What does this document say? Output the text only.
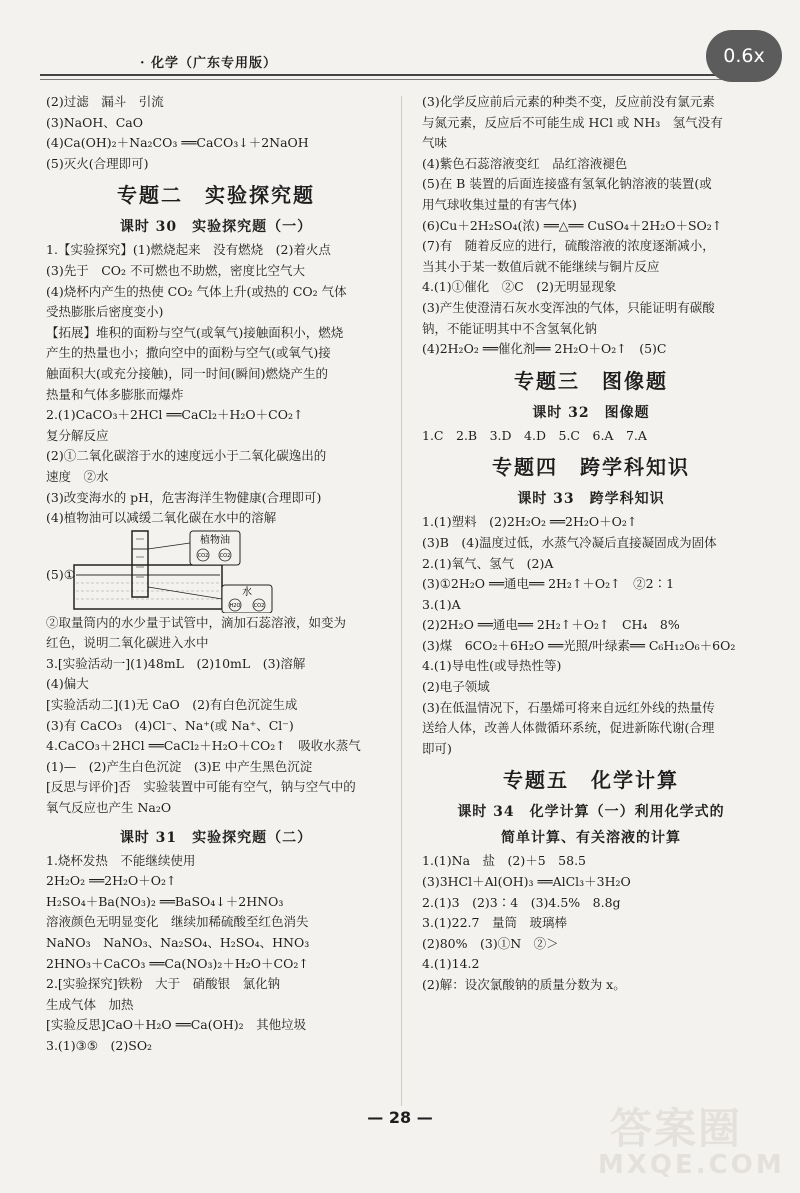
· 化学（广东专用版）	0.6x
(2)过滤　漏斗　引流
(3)NaOH、CaO
(4)Ca(OH)₂＋Na₂CO₃ ══CaCO₃↓＋2NaOH
(5)灭火(合理即可)
专题二　实验探究题
课时 30　实验探究题（一）
1.【实验探究】(1)燃烧起来　没有燃烧　(2)着火点
(3)先于　CO₂ 不可燃也不助燃，密度比空气大
(4)烧杯内产生的热使 CO₂ 气体上升(或热的 CO₂ 气体
受热膨胀后密度变小)
【拓展】堆积的面粉与空气(或氧气)接触面积小，燃烧
产生的热量也小；撒向空中的面粉与空气(或氧气)接
触面积大(或充分接触)，同一时间(瞬间)燃烧产生的
热量和气体多膨胀而爆炸
2.(1)CaCO₃＋2HCl ══CaCl₂＋H₂O＋CO₂↑
复分解反应
(2)①二氧化碳溶于水的速度远小于二氧化碳逸出的
速度　②水
(3)改变海水的 pH，危害海洋生物健康(合理即可)
(4)植物油可以减缓二氧化碳在水中的溶解
(5)①
植物油
CO2 CO2
水
H2O	CO2
②取量筒内的水少量于试管中，滴加石蕊溶液，如变为
红色，说明二氧化碳进入水中
3.[实验活动一](1)48mL　(2)10mL　(3)溶解
(4)偏大
[实验活动二](1)无 CaO　(2)有白色沉淀生成
(3)有 CaCO₃　(4)Cl⁻、Na⁺(或 Na⁺、Cl⁻)
4.CaCO₃＋2HCl ══CaCl₂＋H₂O＋CO₂↑　吸收水蒸气
(1)—　(2)产生白色沉淀　(3)E 中产生黑色沉淀
[反思与评价]否　实验装置中可能有空气，钠与空气中的
氧气反应也产生 Na₂O
课时 31　实验探究题（二）
1.烧杯发热　不能继续使用
2H₂O₂ ══2H₂O＋O₂↑
H₂SO₄＋Ba(NO₃)₂ ══BaSO₄↓＋2HNO₃
溶液颜色无明显变化　继续加稀硫酸至红色消失
NaNO₃　NaNO₃、Na₂SO₄、H₂SO₄、HNO₃
2HNO₃＋CaCO₃ ══Ca(NO₃)₂＋H₂O＋CO₂↑
2.[实验探究]铁粉　大于　硝酸银　氯化钠
生成气体　加热
[实验反思]CaO＋H₂O ══Ca(OH)₂　其他垃圾
3.(1)③⑤　(2)SO₂
(3)化学反应前后元素的种类不变，反应前没有氯元素
与氮元素，反应后不可能生成 HCl 或 NH₃　氢气没有
气味
(4)紫色石蕊溶液变红　品红溶液褪色
(5)在 B 装置的后面连接盛有氢氧化钠溶液的装置(或
用气球收集过量的有害气体)
(6)Cu＋2H₂SO₄(浓) ══△══ CuSO₄＋2H₂O＋SO₂↑
(7)有　随着反应的进行，硫酸溶液的浓度逐渐减小，
当其小于某一数值后就不能继续与铜片反应
4.(1)①催化　②C　(2)无明显现象
(3)产生使澄清石灰水变浑浊的气体，只能证明有碳酸
钠，不能证明其中不含氢氧化钠
(4)2H₂O₂ ══催化剂══ 2H₂O＋O₂↑　(5)C
专题三　图像题
课时 32　图像题
1.C　2.B　3.D　4.D　5.C　6.A　7.A
专题四　跨学科知识
课时 33　跨学科知识
1.(1)塑料　(2)2H₂O₂ ══2H₂O＋O₂↑
(3)B　(4)温度过低，水蒸气冷凝后直接凝固成为固体
2.(1)氧气、氢气　(2)A
(3)①2H₂O ══通电══ 2H₂↑＋O₂↑　②2∶1
3.(1)A
(2)2H₂O ══通电══ 2H₂↑＋O₂↑　CH₄　8%
(3)煤　6CO₂＋6H₂O ══光照/叶绿素══ C₆H₁₂O₆＋6O₂
4.(1)导电性(或导热性等)
(2)电子领域
(3)在低温情况下，石墨烯可将来自远红外线的热量传
送给人体，改善人体微循环系统，促进新陈代谢(合理
即可)
专题五　化学计算
课时 34　化学计算（一）利用化学式的
简单计算、有关溶液的计算
1.(1)Na　盐　(2)＋5　58.5
(3)3HCl＋Al(OH)₃ ══AlCl₃＋3H₂O
2.(1)3　(2)3∶4　(3)4.5%　8.8g
3.(1)22.7　量筒　玻璃棒
(2)80%　(3)①N　②＞
4.(1)14.2
(2)解：设次氯酸钠的质量分数为 x。
— 28 —	答案圈
MXQE.COM
